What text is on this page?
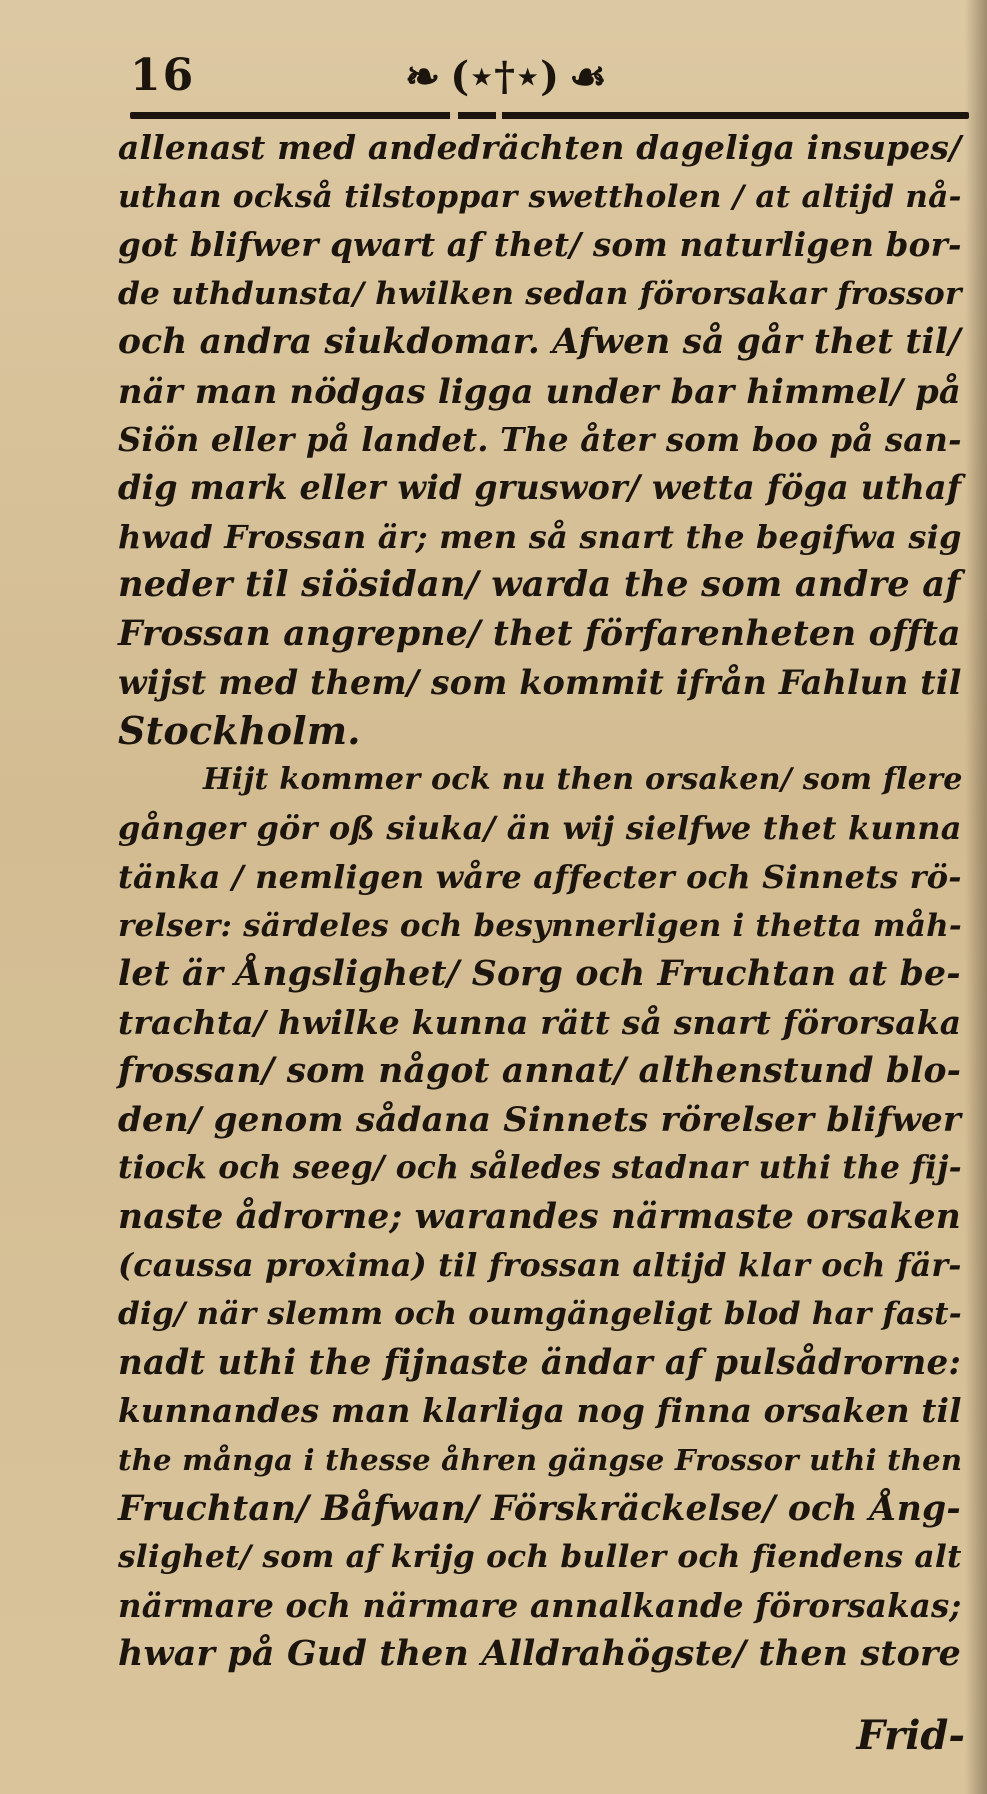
16	❧ (⋆†⋆) ☙
allenast med andedrächten dageliga insupes/
uthan också tilstoppar swettholen / at altijd nå-
got blifwer qwart af thet/ som naturligen bor-
de uthdunsta/ hwilken sedan förorsakar frossor
och andra siukdomar. Afwen så går thet til/
när man nödgas ligga under bar himmel/ på
Siön eller på landet. The åter som boo på san-
dig mark eller wid gruswor/ wetta föga uthaf
hwad Frossan är; men så snart the begifwa sig
neder til siösidan/ warda the som andre af
Frossan angrepne/ thet förfarenheten offta
wijst med them/ som kommit ifrån Fahlun til
Stockholm.
Hijt kommer ock nu then orsaken/ som flere
gånger gör oß siuka/ än wij sielfwe thet kunna
tänka / nemligen wåre affecter och Sinnets rö-
relser: särdeles och besynnerligen i thetta måh-
let är Ångslighet/ Sorg och Fruchtan at be-
trachta/ hwilke kunna rätt så snart förorsaka
frossan/ som något annat/ althenstund blo-
den/ genom sådana Sinnets rörelser blifwer
tiock och seeg/ och således stadnar uthi the fij-
naste ådrorne; warandes närmaste orsaken
(caussa proxima) til frossan altijd klar och fär-
dig/ när slemm och oumgängeligt blod har fast-
nadt uthi the fijnaste ändar af pulsådrorne:
kunnandes man klarliga nog finna orsaken til
the många i thesse åhren gängse Frossor uthi then
Fruchtan/ Båfwan/ Förskräckelse/ och Ång-
slighet/ som af krijg och buller och fiendens alt
närmare och närmare annalkande förorsakas;
hwar på Gud then Alldrahögste/ then store
Frid-
